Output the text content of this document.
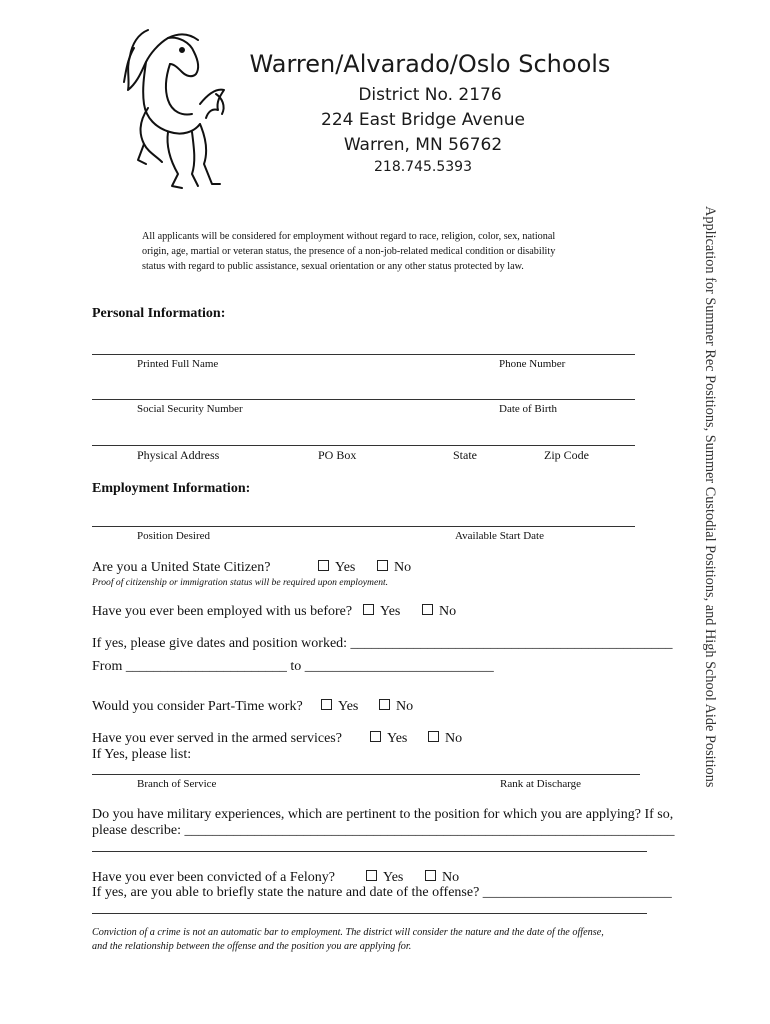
Warren/Alvarado/Oslo Schools
District No. 2176
224 East Bridge Avenue
Warren, MN 56762
218.745.5393
Application for Summer Rec Positions, Summer Custodial Positions, and High School Aide Positions
All applicants will be considered for employment without regard to race, religion, color, sex, national
origin, age, martial or veteran status, the presence of a non-job-related medical condition or disability
status with regard to public assistance, sexual orientation or any other status protected by law.
Personal Information:
Printed Full Name	Phone Number
Social Security Number	Date of Birth
Physical Address	PO Box	State	Zip Code
Employment Information:
Position Desired	Available Start Date
Are you a United State Citizen?	Yes	No
Proof of citizenship or immigration status will be required upon employment.
Have you ever been employed with us before?	Yes	No
If yes, please give dates and position worked: ______________________________________________
From _______________________ to ___________________________
Would you consider Part-Time work?	Yes	No
Have you ever served in the armed services?	Yes	No
If Yes, please list:
Branch of Service	Rank at Discharge
Do you have military experiences, which are pertinent to the position for which you are applying? If so,
please describe: ______________________________________________________________________
Have you ever been convicted of a Felony?	Yes	No
If yes, are you able to briefly state the nature and date of the offense? ___________________________
Conviction of a crime is not an automatic bar to employment. The district will consider the nature and the date of the offense,
and the relationship between the offense and the position you are applying for.
